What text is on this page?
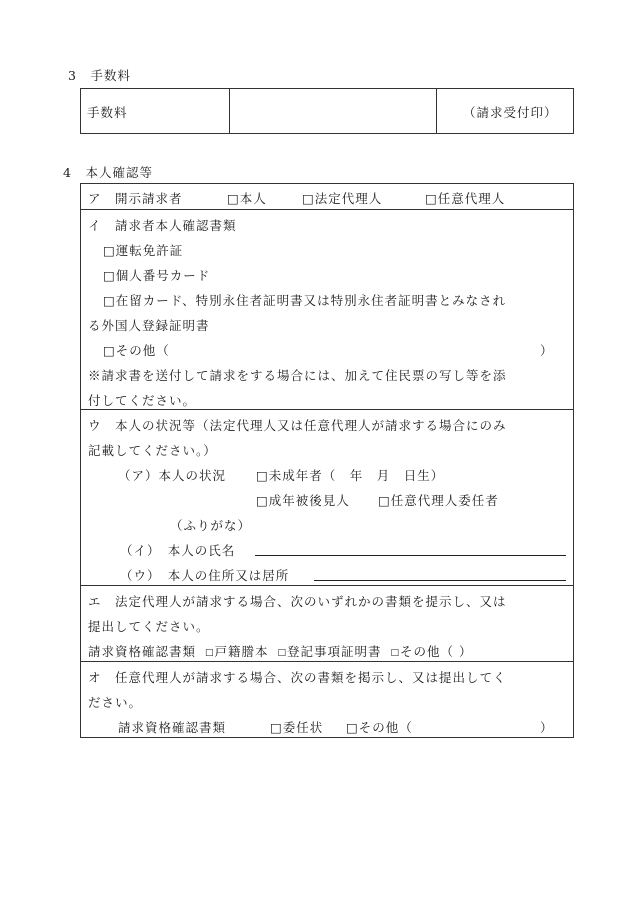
3　手数料
手数料	（請求受付印）
4　本人確認等
ア　開示請求者	□本人	□法定代理人	□任意代理人
イ　請求者本人確認書類
□運転免許証
□個人番号カード
□在留カード、特別永住者証明書又は特別永住者証明書とみなされ
る外国人登録証明書
□その他（	）
※請求書を送付して請求をする場合には、加えて住民票の写し等を添
付してください。
ウ　本人の状況等（法定代理人又は任意代理人が請求する場合にのみ
記載してください。）
（ア）本人の状況 □未成年者（　年　月　日生）
□成年被後見人 □任意代理人委任者
（ふりがな）
（イ）　本人の氏名
（ウ）　本人の住所又は居所
エ　法定代理人が請求する場合、次のいずれかの書類を提示し、又は
提出してください。
請求資格確認書類 □戸籍謄本 □登記事項証明書 □その他（ ）
オ　任意代理人が請求する場合、次の書類を掲示し、又は提出してく
ださい。
請求資格確認書類	□委任状 □その他（	）
